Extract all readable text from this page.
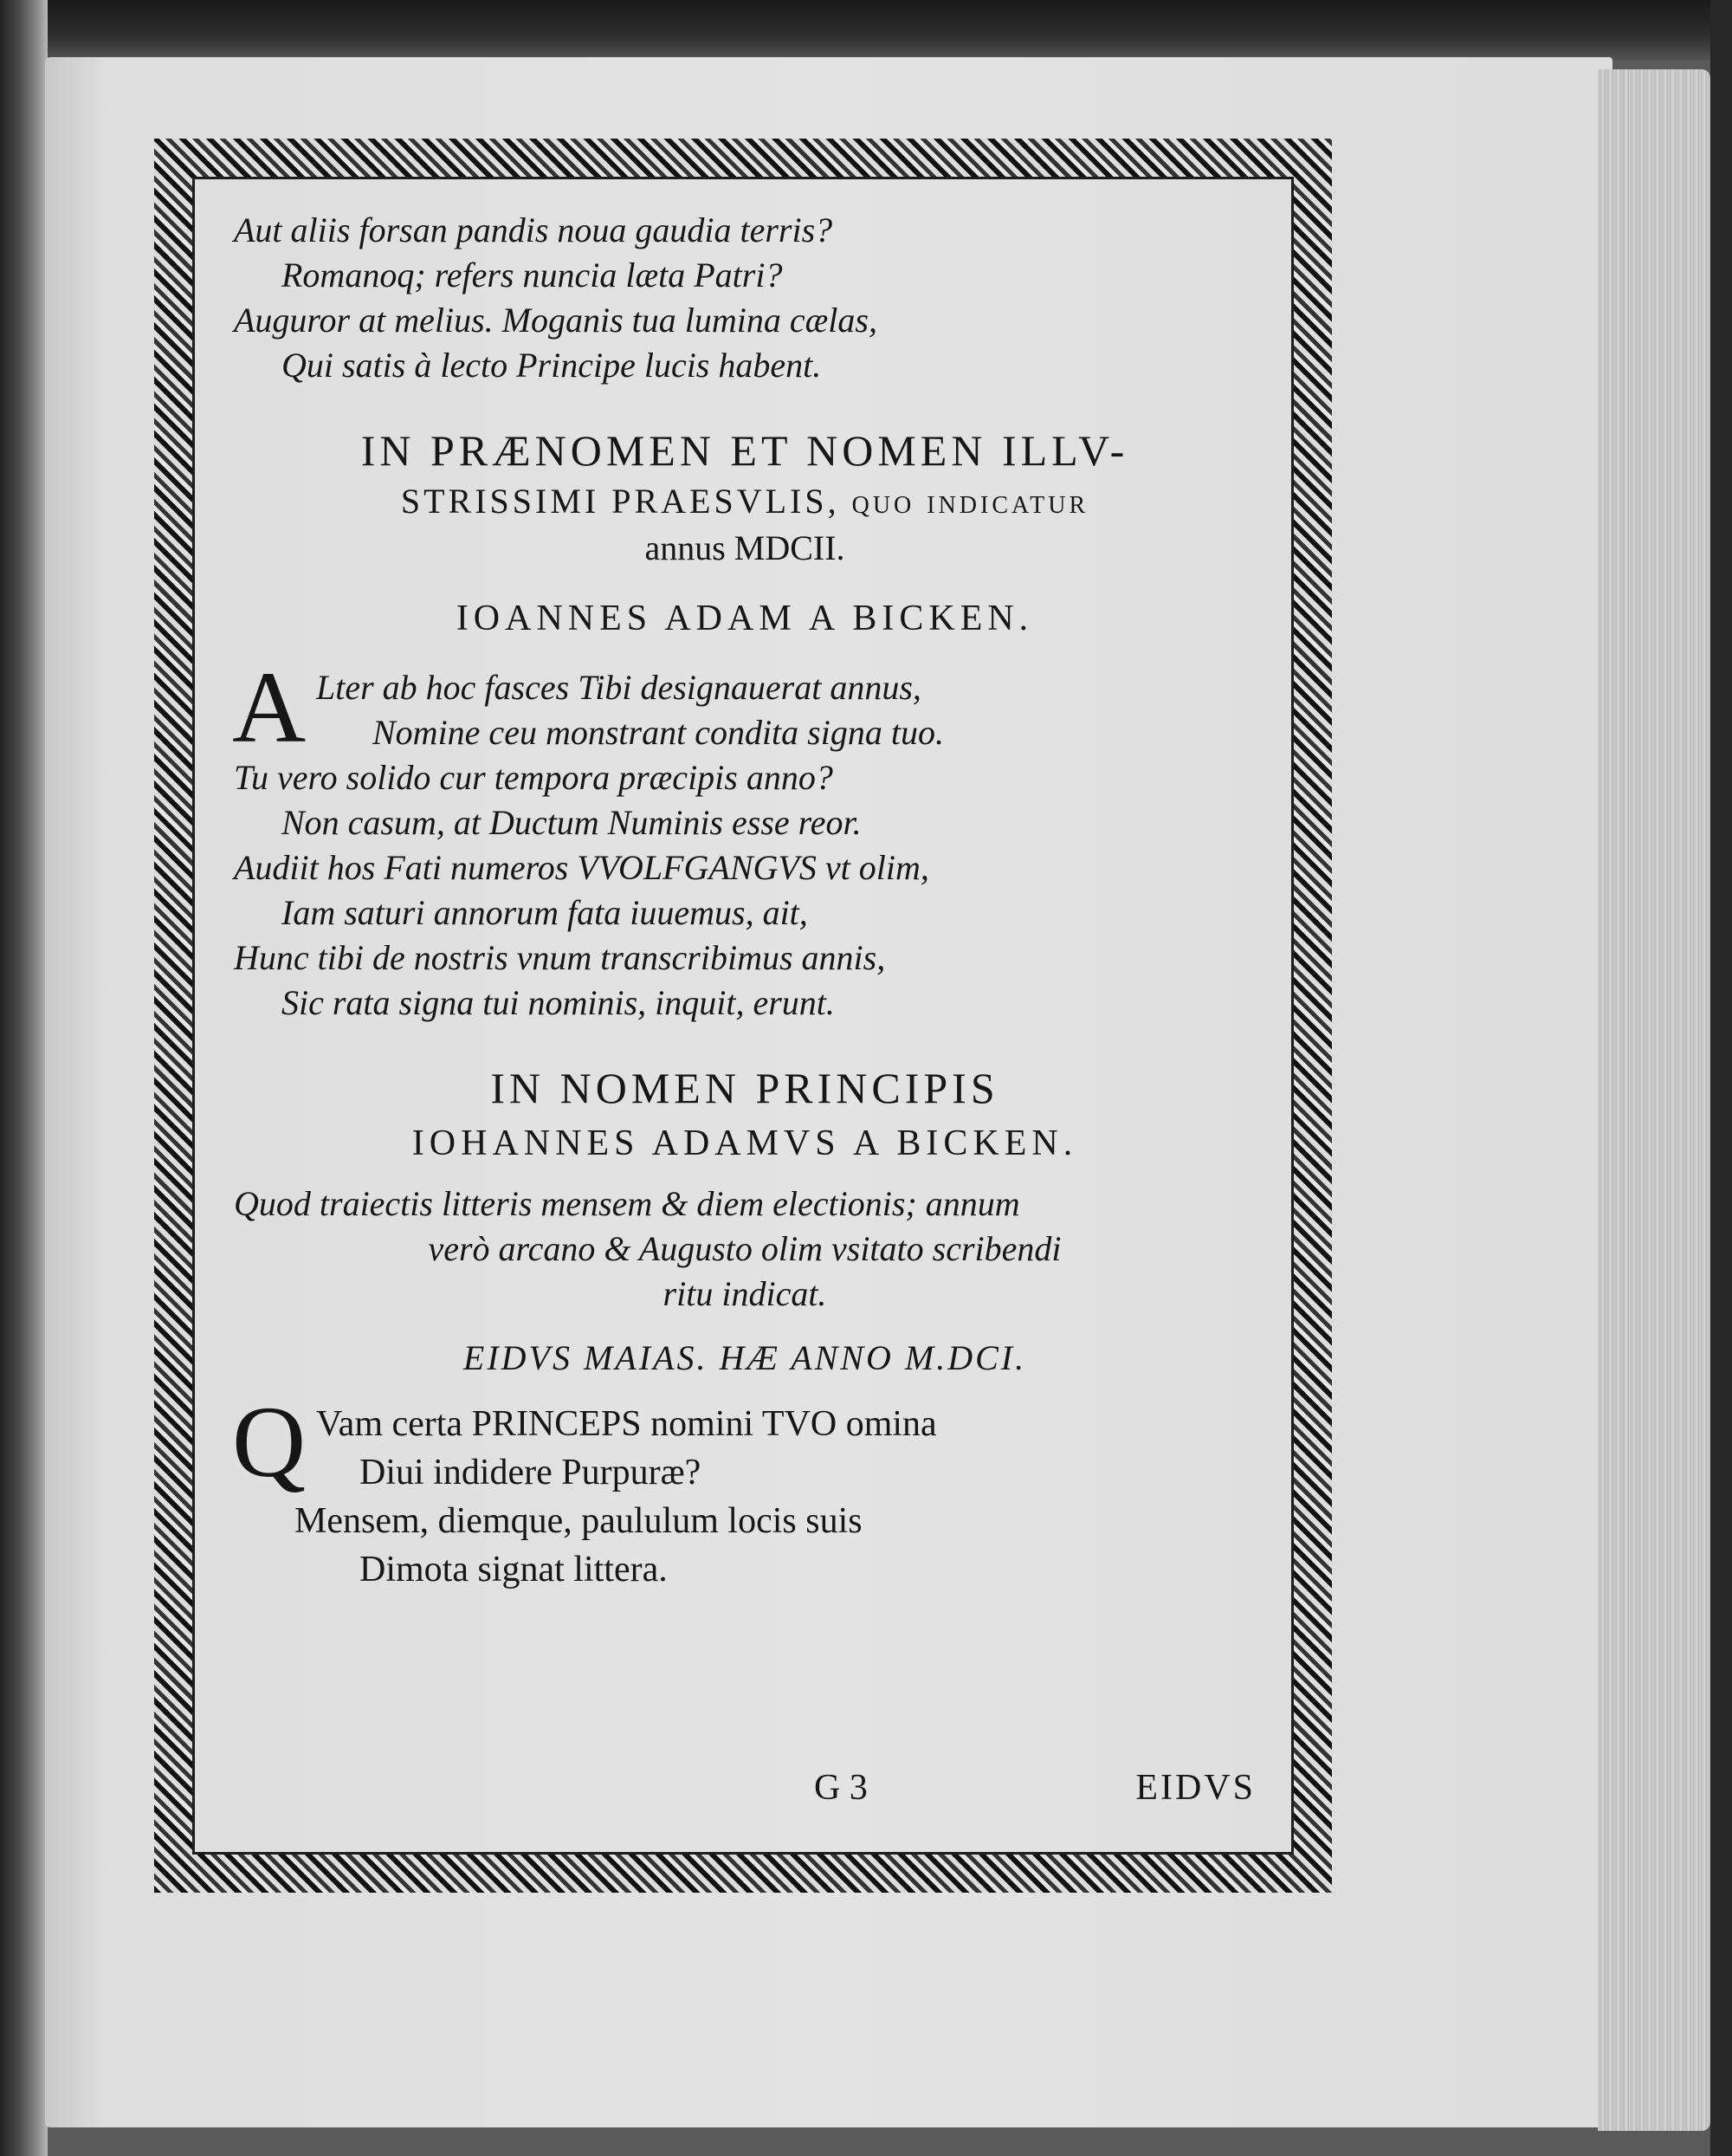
Aut aliis forsan pandis noua gaudia terris?

Romanoq; refers nuncia læta Patri?

Auguror at melius. Moganis tua lumina cælas,

Qui satis à lecto Principe lucis habent.

IN PRÆNOMEN ET NOMEN ILLV-

STRISSIMI PRAESVLIS, quo indicatur

annus MDCII.

IOANNES ADAM A BICKEN.

A Lter ab hoc fasces Tibi designauerat annus,

Nomine ceu monstrant condita signa tuo.

Tu vero solido cur tempora præcipis anno?

Non casum, at Ductum Numinis esse reor.

Audiit hos Fati numeros VVOLFGANGVS vt olim,

Iam saturi annorum fata iuuemus, ait,

Hunc tibi de nostris vnum transcribimus annis,

Sic rata signa tui nominis, inquit, erunt.

IN NOMEN PRINCIPIS

IOHANNES ADAMVS A BICKEN.

Quod traiectis litteris mensem & diem electionis; annum

verò arcano & Augusto olim vsitato scribendi

ritu indicat.

EIDVS MAIAS. HÆ ANNO M.DCI.

Q Vam certa PRINCEPS nomini TVO omina

Diui indidere Purpuræ?

Mensem, diemque, paululum locis suis

Dimota signat littera.

G 3	EIDVS
